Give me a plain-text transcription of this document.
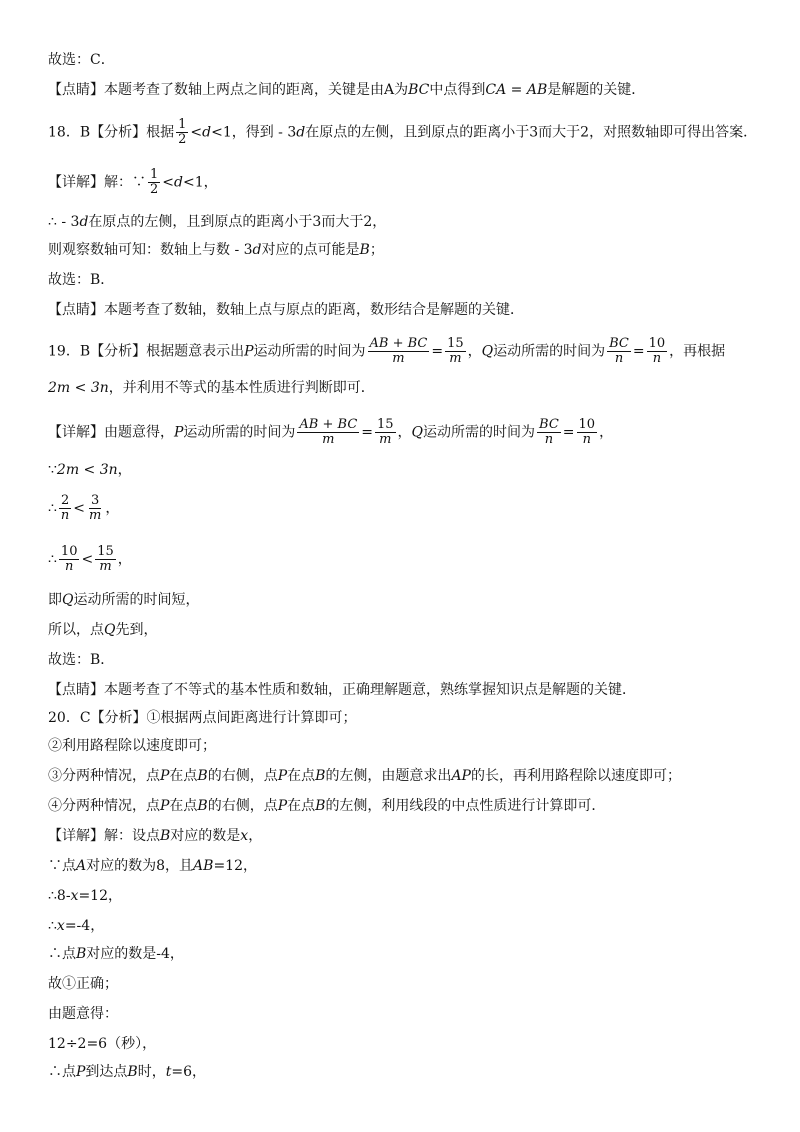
故选：C．
【点睛】本题考查了数轴上两点之间的距离，关键是由A为BC中点得到CA = AB是解题的关键．
18．B【分析】根据 $\frac{1}{2} <d<1$，得到 - 3d在原点的左侧，且到原点的距离小于3而大于2，对照数轴即可得出答案．
【详解】解：∵ $\frac{1}{2} <d<1$，
∴ - 3d在原点的左侧，且到原点的距离小于3而大于2，
则观察数轴可知：数轴上与数 - 3d对应的点可能是B；
故选：B．
【点睛】本题考查了数轴，数轴上点与原点的距离，数形结合是解题的关键．
19．B【分析】根据题意表示出P运动所需的时间为 $\frac{AB + BC}{m} = \frac{15}{m}$ ，Q运动所需的时间为 $\frac{BC}{n} = \frac{10}{n}$ ，再根据
2m < 3n，并利用不等式的基本性质进行判断即可．
【详解】由题意得，P运动所需的时间为 $\frac{AB + BC}{m} = \frac{15}{m}$ ，Q运动所需的时间为 $\frac{BC}{n} = \frac{10}{n}$ ，
∵2m < 3n，
∴ $\frac{2}{n} < \frac{3}{m}$ ，
∴ $\frac{10}{n} < \frac{15}{m}$ ，
即Q运动所需的时间短，
所以，点Q先到，
故选：B．
【点睛】本题考查了不等式的基本性质和数轴，正确理解题意，熟练掌握知识点是解题的关键．
20．C【分析】①根据两点间距离进行计算即可；
②利用路程除以速度即可；
③分两种情况，点P在点B的右侧，点P在点B的左侧，由题意求出AP的长，再利用路程除以速度即可；
④分两种情况，点P在点B的右侧，点P在点B的左侧，利用线段的中点性质进行计算即可．
【详解】解：设点B对应的数是x，
∵点A对应的数为8，且AB=12，
∴8-x=12，
∴x=-4，
∴点B对应的数是-4，
故①正确；
由题意得：
12÷2=6（秒），
∴点P到达点B时，t=6，
